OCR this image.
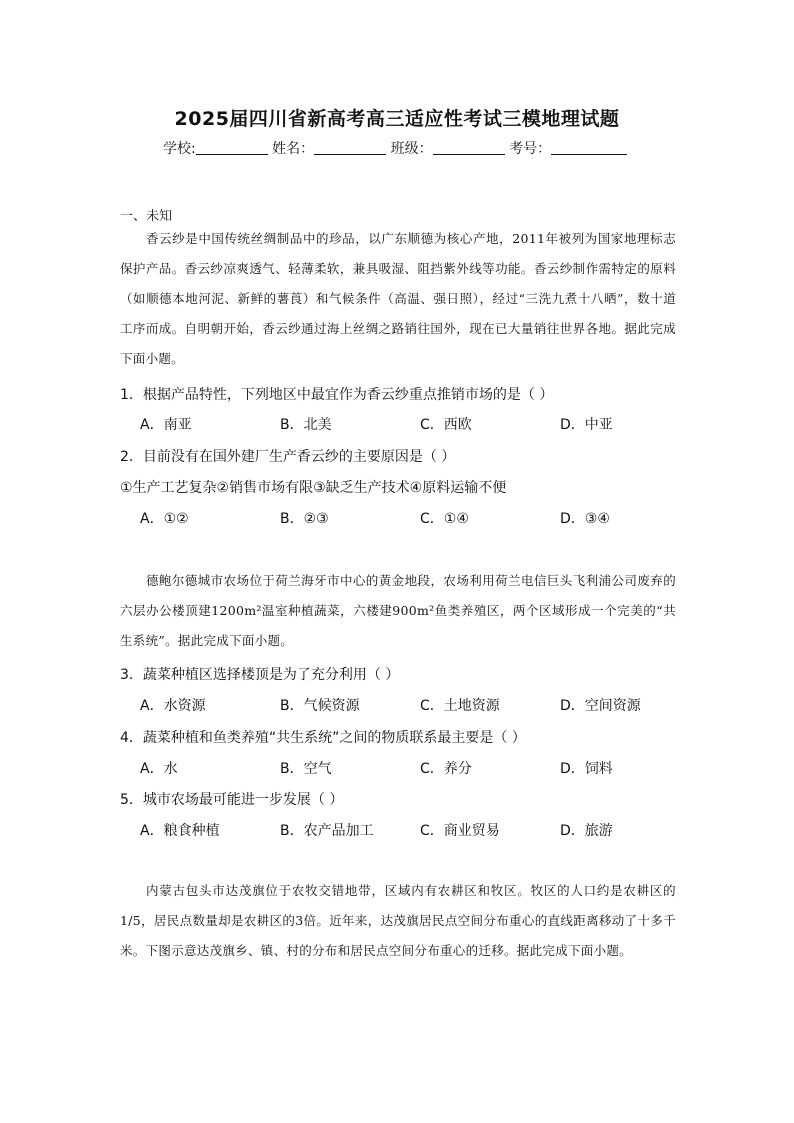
2025届四川省新高考高三适应性考试三模地理试题
学校:	姓名：	班级：	考号：
一、未知
香云纱是中国传统丝绸制品中的珍品，以广东顺德为核心产地，2011年被列为国家地理标志保护产品。香云纱凉爽透气、轻薄柔软，兼具吸湿、阻挡紫外线等功能。香云纱制作需特定的原料（如顺德本地河泥、新鲜的薯莨）和气候条件（高温、强日照），经过“三洗九煮十八晒”，数十道工序而成。自明朝开始，香云纱通过海上丝绸之路销往国外，现在已大量销往世界各地。据此完成下面小题。
1．根据产品特性，下列地区中最宜作为香云纱重点推销市场的是（ ）
A．南亚	B．北美	C．西欧	D．中亚
2．目前没有在国外建厂生产香云纱的主要原因是（ ）
①生产工艺复杂②销售市场有限③缺乏生产技术④原料运输不便
A．①②	B．②③	C．①④	D．③④
德鲍尔德城市农场位于荷兰海牙市中心的黄金地段，农场利用荷兰电信巨头飞利浦公司废弃的六层办公楼顶建1200m²温室种植蔬菜，六楼建900m²鱼类养殖区，两个区域形成一个完美的“共生系统”。据此完成下面小题。
3．蔬菜种植区选择楼顶是为了充分利用（ ）
A．水资源	B．气候资源	C．土地资源	D．空间资源
4．蔬菜种植和鱼类养殖“共生系统”之间的物质联系最主要是（ ）
A．水	B．空气	C．养分	D．饲料
5．城市农场最可能进一步发展（ ）
A．粮食种植	B．农产品加工	C．商业贸易	D．旅游
内蒙古包头市达茂旗位于农牧交错地带，区域内有农耕区和牧区。牧区的人口约是农耕区的1/5，居民点数量却是农耕区的3倍。近年来，达茂旗居民点空间分布重心的直线距离移动了十多千米。下图示意达茂旗乡、镇、村的分布和居民点空间分布重心的迁移。据此完成下面小题。
